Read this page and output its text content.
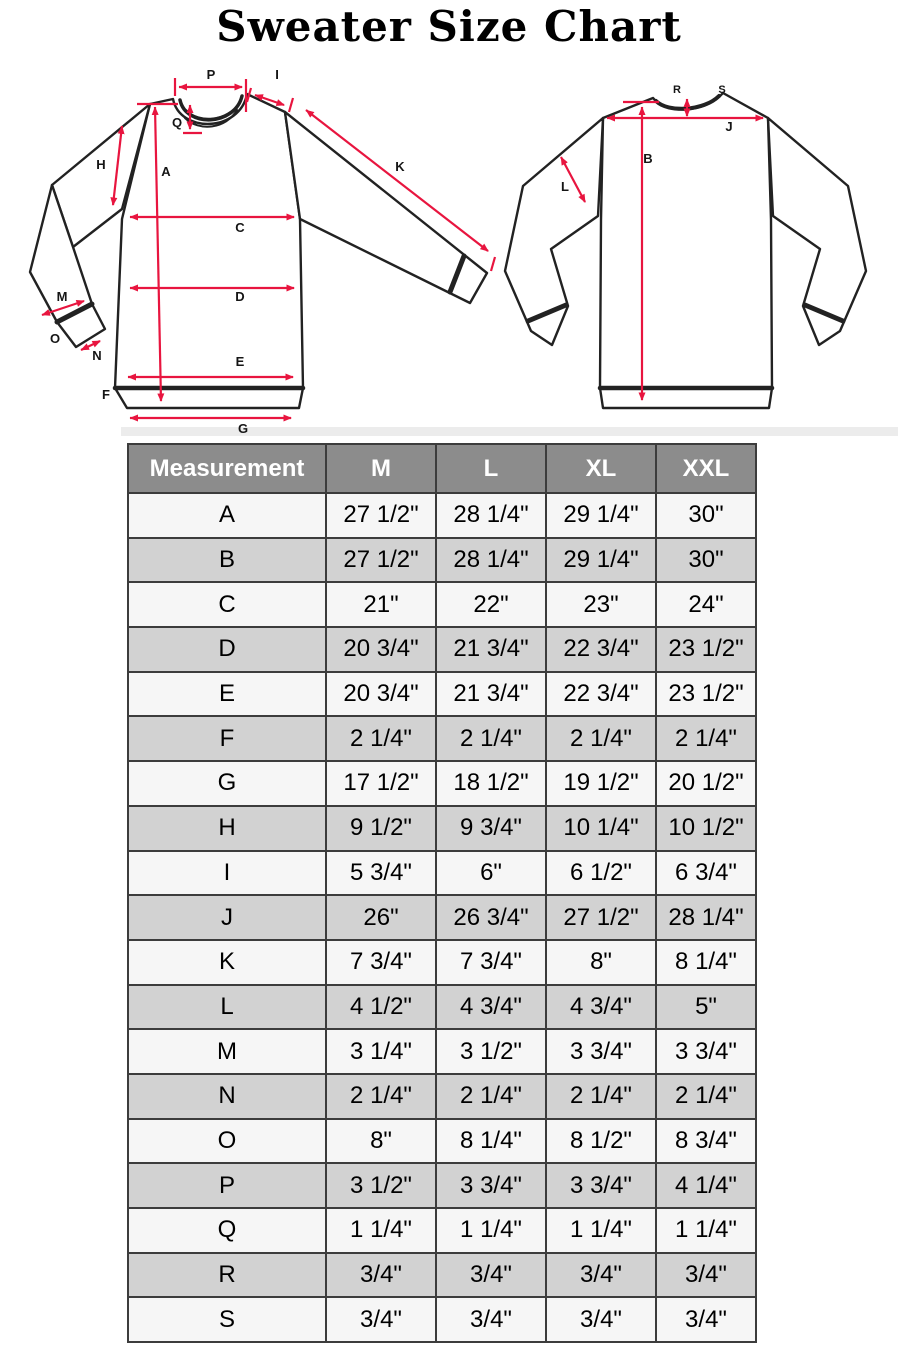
Sweater Size Chart
P	I
Q
H	A
C
K
D
E
F
G
M
O
N
R	S
J
B
L
Measurement	M	L	XL	XXL
A	27 1/2"	28 1/4"	29 1/4"	30"
B	27 1/2"	28 1/4"	29 1/4"	30"
C	21"	22"	23"	24"
D	20 3/4"	21 3/4"	22 3/4"	23 1/2"
E	20 3/4"	21 3/4"	22 3/4"	23 1/2"
F	2 1/4"	2 1/4"	2 1/4"	2 1/4"
G	17 1/2"	18 1/2"	19 1/2"	20 1/2"
H	9 1/2"	9 3/4"	10 1/4"	10 1/2"
I	5 3/4"	6"	6 1/2"	6 3/4"
J	26"	26 3/4"	27 1/2"	28 1/4"
K	7 3/4"	7 3/4"	8"	8 1/4"
L	4 1/2"	4 3/4"	4 3/4"	5"
M	3 1/4"	3 1/2"	3 3/4"	3 3/4"
N	2 1/4"	2 1/4"	2 1/4"	2 1/4"
O	8"	8 1/4"	8 1/2"	8 3/4"
P	3 1/2"	3 3/4"	3 3/4"	4 1/4"
Q	1 1/4"	1 1/4"	1 1/4"	1 1/4"
R	3/4"	3/4"	3/4"	3/4"
S	3/4"	3/4"	3/4"	3/4"
